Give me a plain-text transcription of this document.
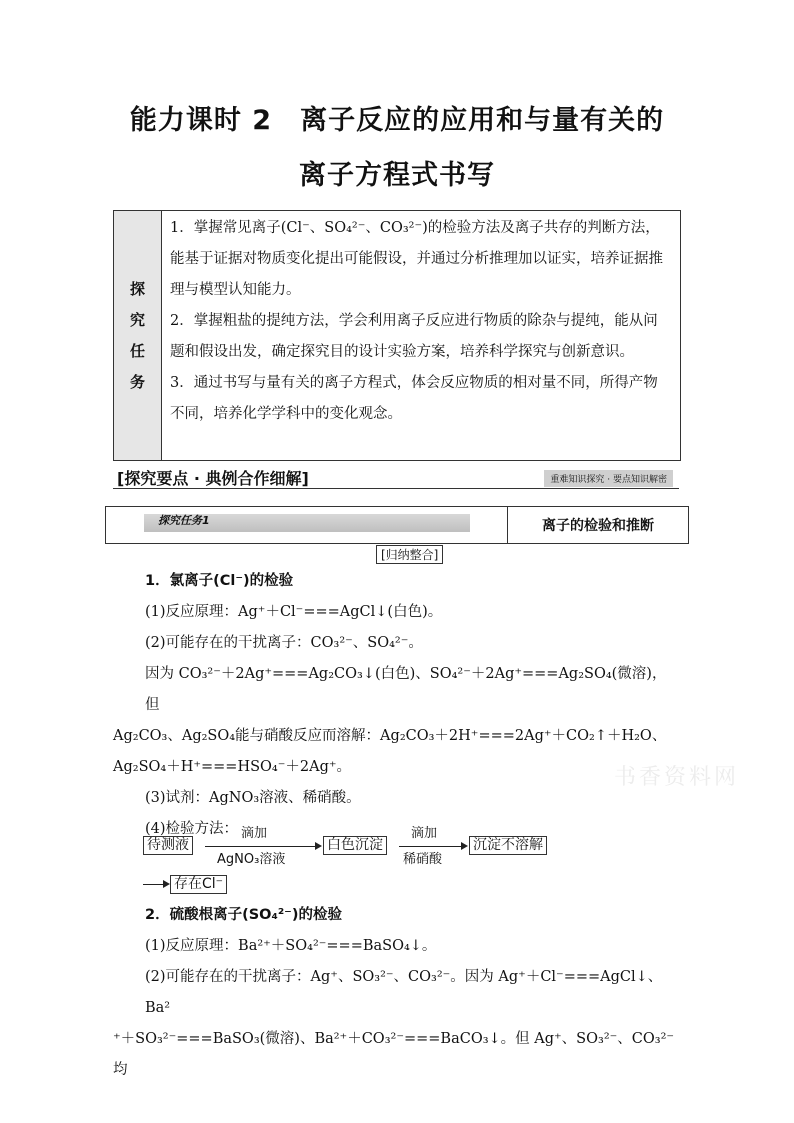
能力课时 2　离子反应的应用和与量有关的
离子方程式书写
探
究
任
务

1．掌握常见离子(Cl⁻、SO₄²⁻、CO₃²⁻)的检验方法及离子共存的判断方法，能基于证据对物质变化提出可能假设，并通过分析推理加以证实，培养证据推理与模型认知能力。

2．掌握粗盐的提纯方法，学会利用离子反应进行物质的除杂与提纯，能从问题和假设出发，确定探究目的设计实验方案，培养科学探究与创新意识。

3．通过书写与量有关的离子方程式，体会反应物质的相对量不同，所得产物不同，培养化学学科中的变化观念。

[探究要点 · 典例合作细解]	重难知识探究 · 要点知识解密
探究任务1	离子的检验和推断
[归纳整合]

1．氯离子(Cl⁻)的检验

(1)反应原理：Ag⁺＋Cl⁻===AgCl↓(白色)。

(2)可能存在的干扰离子：CO₃²⁻、SO₄²⁻。

因为 CO₃²⁻＋2Ag⁺===Ag₂CO₃↓(白色)、SO₄²⁻＋2Ag⁺===Ag₂SO₄(微溶)，但

Ag₂CO₃、Ag₂SO₄能与硝酸反应而溶解：Ag₂CO₃＋2H⁺===2Ag⁺＋CO₂↑＋H₂O、

Ag₂SO₄＋H⁺===HSO₄⁻＋2Ag⁺。

(3)试剂：AgNO₃溶液、稀硝酸。

(4)检验方法：

待测液
滴加
AgNO₃溶液
白色沉淀
滴加
稀硝酸
沉淀不溶解
存在Cl⁻

2．硫酸根离子(SO₄²⁻)的检验

(1)反应原理：Ba²⁺＋SO₄²⁻===BaSO₄↓。

(2)可能存在的干扰离子：Ag⁺、SO₃²⁻、CO₃²⁻。因为 Ag⁺＋Cl⁻===AgCl↓、Ba²

⁺＋SO₃²⁻===BaSO₃(微溶)、Ba²⁺＋CO₃²⁻===BaCO₃↓。但 Ag⁺、SO₃²⁻、CO₃²⁻均

书香资料网
